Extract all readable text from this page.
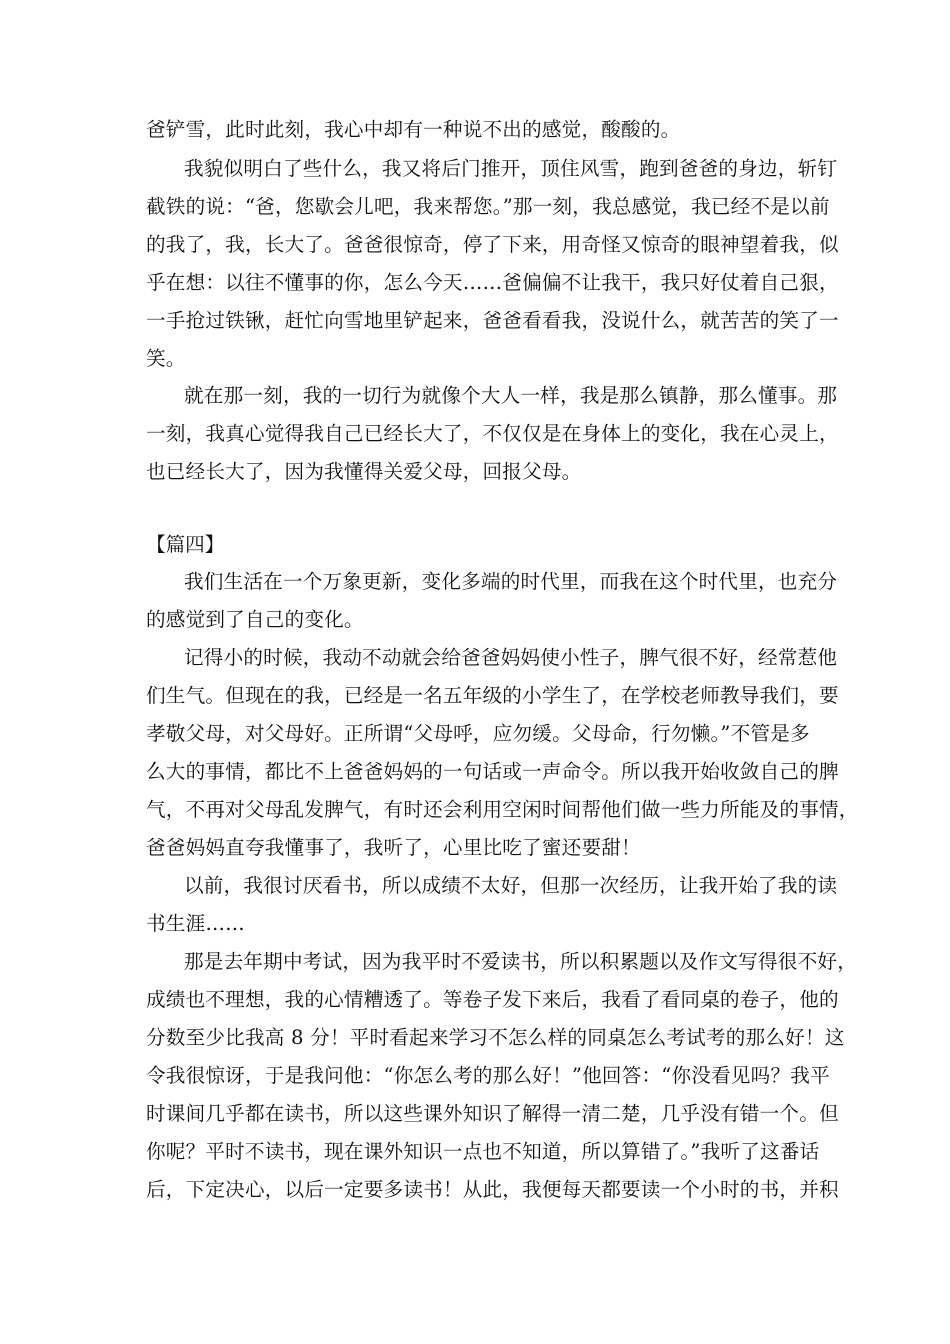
爸铲雪，此时此刻，我心中却有一种说不出的感觉，酸酸的。
我貌似明白了些什么，我又将后门推开，顶住风雪，跑到爸爸的身边，斩钉
截铁的说：“爸，您歇会儿吧，我来帮您。”那一刻，我总感觉，我已经不是以前
的我了，我，长大了。爸爸很惊奇，停了下来，用奇怪又惊奇的眼神望着我，似
乎在想：以往不懂事的你，怎么今天……爸偏偏不让我干，我只好仗着自己狠，
一手抢过铁锹，赶忙向雪地里铲起来，爸爸看看我，没说什么，就苦苦的笑了一
笑。
就在那一刻，我的一切行为就像个大人一样，我是那么镇静，那么懂事。那
一刻，我真心觉得我自己已经长大了，不仅仅是在身体上的变化，我在心灵上，
也已经长大了，因为我懂得关爱父母，回报父母。
【篇四】
我们生活在一个万象更新，变化多端的时代里，而我在这个时代里，也充分
的感觉到了自己的变化。
记得小的时候，我动不动就会给爸爸妈妈使小性子，脾气很不好，经常惹他
们生气。但现在的我，已经是一名五年级的小学生了，在学校老师教导我们，要
孝敬父母，对父母好。正所谓“父母呼，应勿缓。父母命，行勿懒。”不管是多
么大的事情，都比不上爸爸妈妈的一句话或一声命令。所以我开始收敛自己的脾
气，不再对父母乱发脾气，有时还会利用空闲时间帮他们做一些力所能及的事情，
爸爸妈妈直夸我懂事了，我听了，心里比吃了蜜还要甜！
以前，我很讨厌看书，所以成绩不太好，但那一次经历，让我开始了我的读
书生涯……
那是去年期中考试，因为我平时不爱读书，所以积累题以及作文写得很不好，
成绩也不理想，我的心情糟透了。等卷子发下来后，我看了看同桌的卷子，他的
分数至少比我高 8 分！平时看起来学习不怎么样的同桌怎么考试考的那么好！这
令我很惊讶，于是我问他：“你怎么考的那么好！”他回答：“你没看见吗？我平
时课间几乎都在读书，所以这些课外知识了解得一清二楚，几乎没有错一个。但
你呢？平时不读书，现在课外知识一点也不知道，所以算错了。”我听了这番话
后，下定决心，以后一定要多读书！从此，我便每天都要读一个小时的书，并积
